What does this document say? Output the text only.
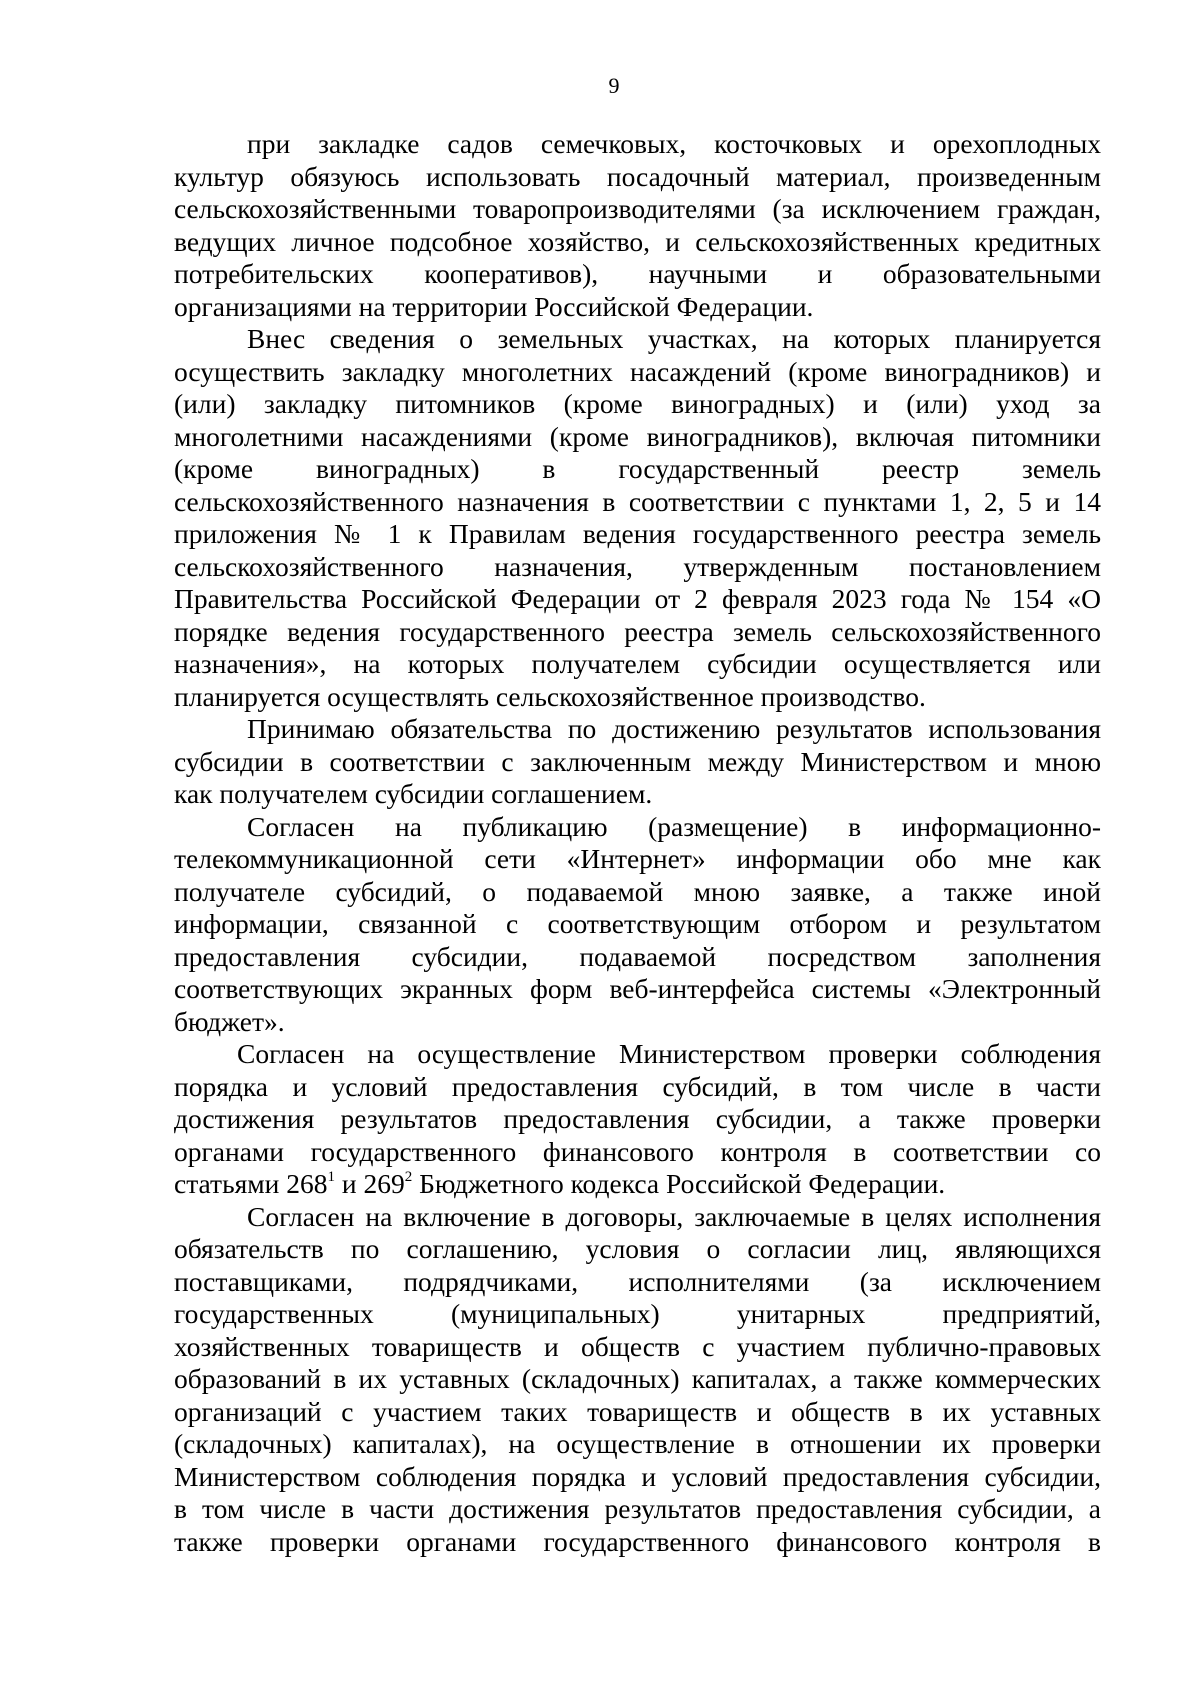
9
при закладке садов семечковых, косточковых и орехоплодных
культур обязуюсь использовать посадочный материал, произведенным
сельскохозяйственными товаропроизводителями (за исключением граждан,
ведущих личное подсобное хозяйство, и сельскохозяйственных кредитных
потребительских кооперативов), научными и образовательными
организациями на территории Российской Федерации.
Внес сведения о земельных участках, на которых планируется
осуществить закладку многолетних насаждений (кроме виноградников) и
(или) закладку питомников (кроме виноградных) и (или) уход за
многолетними насаждениями (кроме виноградников), включая питомники
(кроме виноградных) в государственный реестр земель
сельскохозяйственного назначения в соответствии с пунктами 1, 2, 5 и 14
приложения № 1 к Правилам ведения государственного реестра земель
сельскохозяйственного назначения, утвержденным постановлением
Правительства Российской Федерации от 2 февраля 2023 года № 154 «О
порядке ведения государственного реестра земель сельскохозяйственного
назначения», на которых получателем субсидии осуществляется или
планируется осуществлять сельскохозяйственное производство.
Принимаю обязательства по достижению результатов использования
субсидии в соответствии с заключенным между Министерством и мною
как получателем субсидии соглашением.
Согласен на публикацию (размещение) в информационно-
телекоммуникационной сети «Интернет» информации обо мне как
получателе субсидий, о подаваемой мною заявке, а также иной
информации, связанной с соответствующим отбором и результатом
предоставления субсидии, подаваемой посредством заполнения
соответствующих экранных форм веб-интерфейса системы «Электронный
бюджет».
Согласен на осуществление Министерством проверки соблюдения
порядка и условий предоставления субсидий, в том числе в части
достижения результатов предоставления субсидии, а также проверки
органами государственного финансового контроля в соответствии со
статьями $268^1$ и $269^2$ Бюджетного кодекса Российской Федерации.
Согласен на включение в договоры, заключаемые в целях исполнения
обязательств по соглашению, условия о согласии лиц, являющихся
поставщиками, подрядчиками, исполнителями (за исключением
государственных (муниципальных) унитарных предприятий,
хозяйственных товариществ и обществ с участием публично-правовых
образований в их уставных (складочных) капиталах, а также коммерческих
организаций с участием таких товариществ и обществ в их уставных
(складочных) капиталах), на осуществление в отношении их проверки
Министерством соблюдения порядка и условий предоставления субсидии,
в том числе в части достижения результатов предоставления субсидии, а
также проверки органами государственного финансового контроля в
